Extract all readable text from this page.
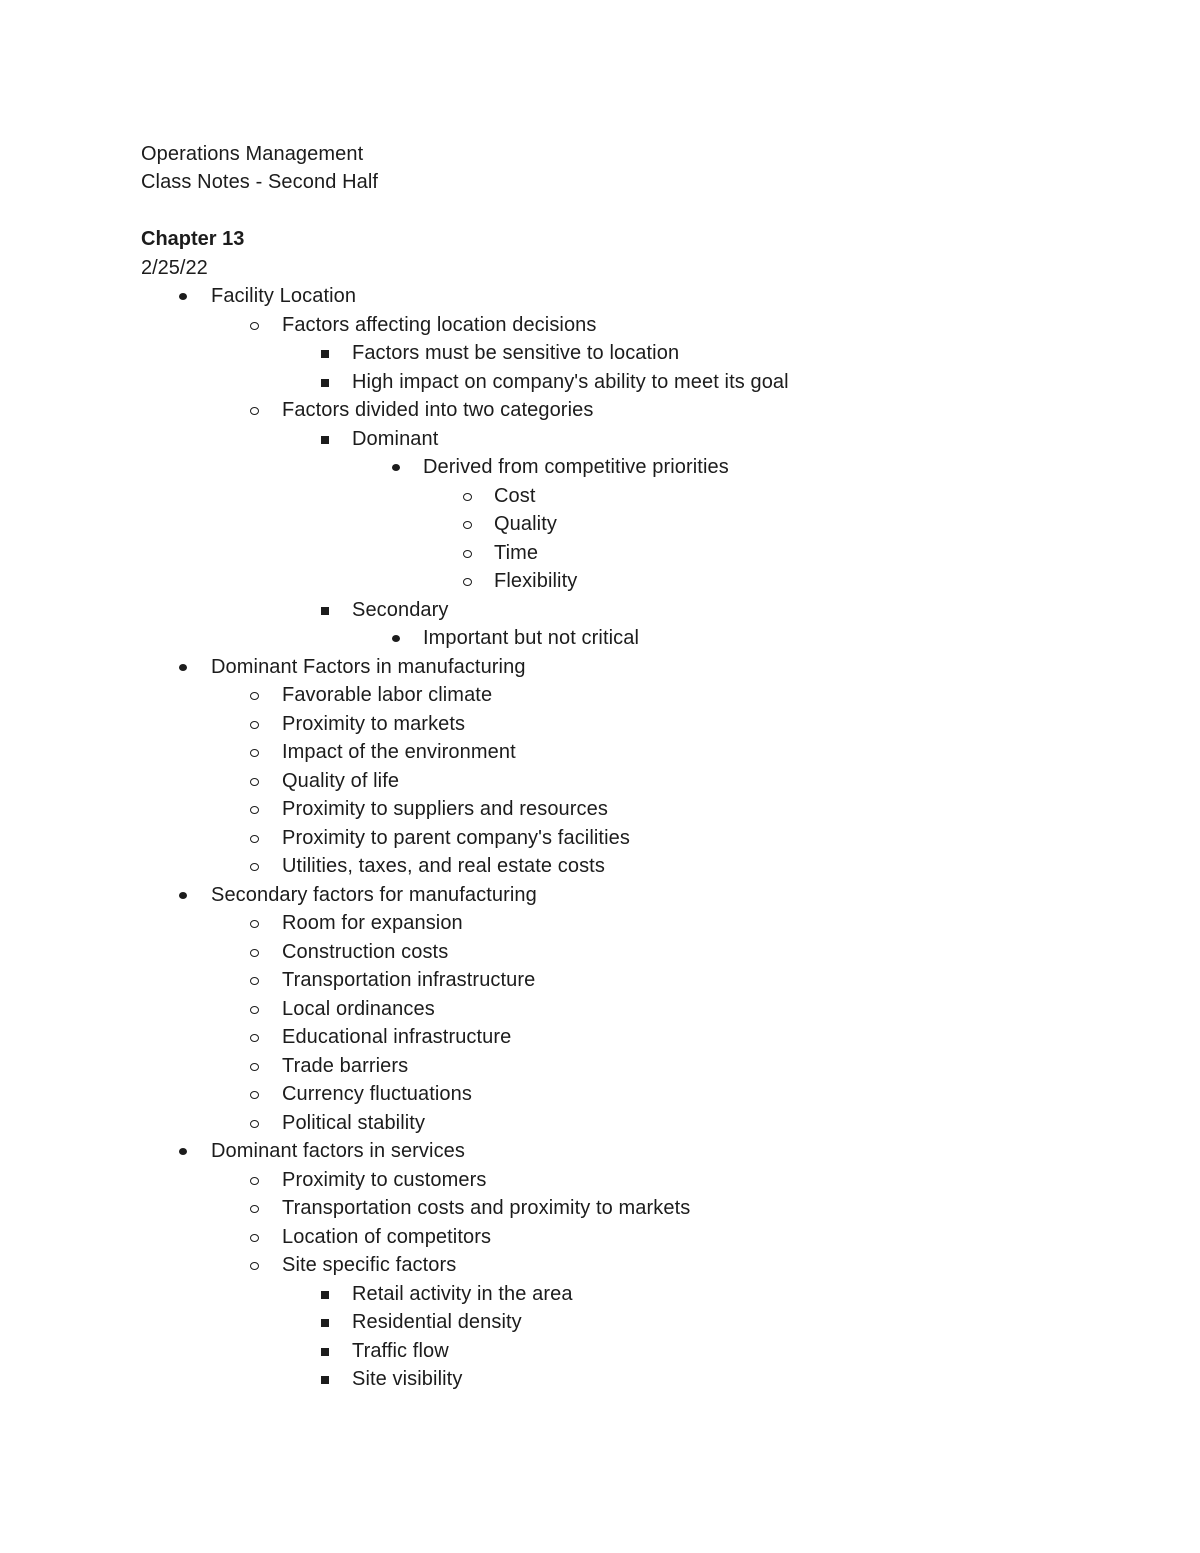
Operations Management
Class Notes - Second Half
Chapter 13
2/25/22
Facility Location
Factors affecting location decisions
Factors must be sensitive to location
High impact on company's ability to meet its goal
Factors divided into two categories
Dominant
Derived from competitive priorities
Cost
Quality
Time
Flexibility
Secondary
Important but not critical
Dominant Factors in manufacturing
Favorable labor climate
Proximity to markets
Impact of the environment
Quality of life
Proximity to suppliers and resources
Proximity to parent company's facilities
Utilities, taxes, and real estate costs
Secondary factors for manufacturing
Room for expansion
Construction costs
Transportation infrastructure
Local ordinances
Educational infrastructure
Trade barriers
Currency fluctuations
Political stability
Dominant factors in services
Proximity to customers
Transportation costs and proximity to markets
Location of competitors
Site specific factors
Retail activity in the area
Residential density
Traffic flow
Site visibility
